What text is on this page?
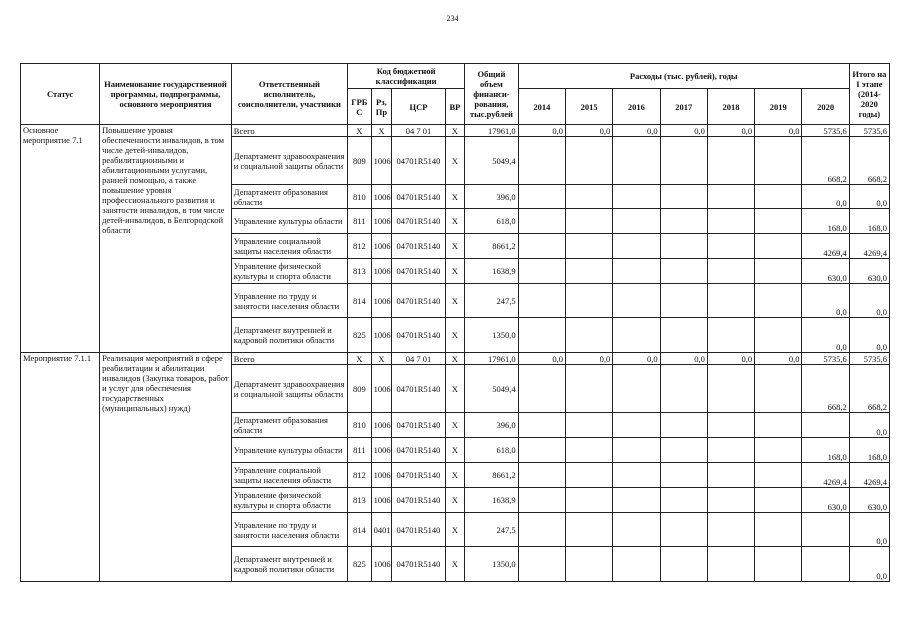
234
Статус	Наименование государственной программы, подпрограммы, основного мероприятия	Ответственный исполнитель, соисполнители, участники	Код бюджетной классификации				Общий объем финанси-рования, тыс.рублей	Расходы (тыс. рублей), годы							Итого на I этапе (2014-2020 годы)
			ГРБ С	Рз, Пр	ЦСР	ВР		2014	2015	2016	2017	2018	2019	2020	
Основное мероприятие 7.1	Повышение уровня обеспеченности инвалидов, в том числе детей-инвалидов, реабилитационными и абилитационными услугами, ранней помощью, а также повышение уровня профессионального развития и занятости инвалидов, в том числе детей-инвалидов, в Белгородской области	Всего	Х	Х	04 7 01	Х	17961,0	0,0	0,0	0,0	0,0	0,0	0,0	5735,6	5735,6
		Департамент здравоохранения и социальной защиты области	809	1006	04701R5140	Х	5049,4							668,2	668,2
		Департамент образования области	810	1006	04701R5140	Х	396,0							0,0	0,0
		Управление культуры области	811	1006	04701R5140	Х	618,0							168,0	168,0
		Управление социальной защиты населения области	812	1006	04701R5140	Х	8661,2							4269,4	4269,4
		Управление физической культуры и спорта области	813	1006	04701R5140	Х	1638,9							630,0	630,0
		Управление по труду и занятости населения области	814	1006	04701R5140	Х	247,5							0,0	0,0
		Департамент внутренней и кадровой политики области	825	1006	04701R5140	Х	1350,0							0,0	0,0
Мероприятие 7.1.1	Реализация мероприятий в сфере реабилитации и абилитации инвалидов (Закупка товаров, работ и услуг для обеспечения государственных (муниципальных) нужд)	Всего	Х	Х	04 7 01	Х	17961,0	0,0	0,0	0,0	0,0	0,0	0,0	5735,6	5735,6
		Департамент здравоохранения и социальной защиты области	809	1006	04701R5140	Х	5049,4							668,2	668,2
		Департамент образования области	810	1006	04701R5140	Х	396,0								0,0
		Управление культуры области	811	1006	04701R5140	Х	618,0							168,0	168,0
		Управление социальной защиты населения области	812	1006	04701R5140	Х	8661,2							4269,4	4269,4
		Управление физической культуры и спорта области	813	1006	04701R5140	Х	1638,9							630,0	630,0
		Управление по труду и занятости населения области	814	0401	04701R5140	Х	247,5								0,0
		Департамент внутренней и кадровой политики области	825	1006	04701R5140	Х	1350,0								0,0
